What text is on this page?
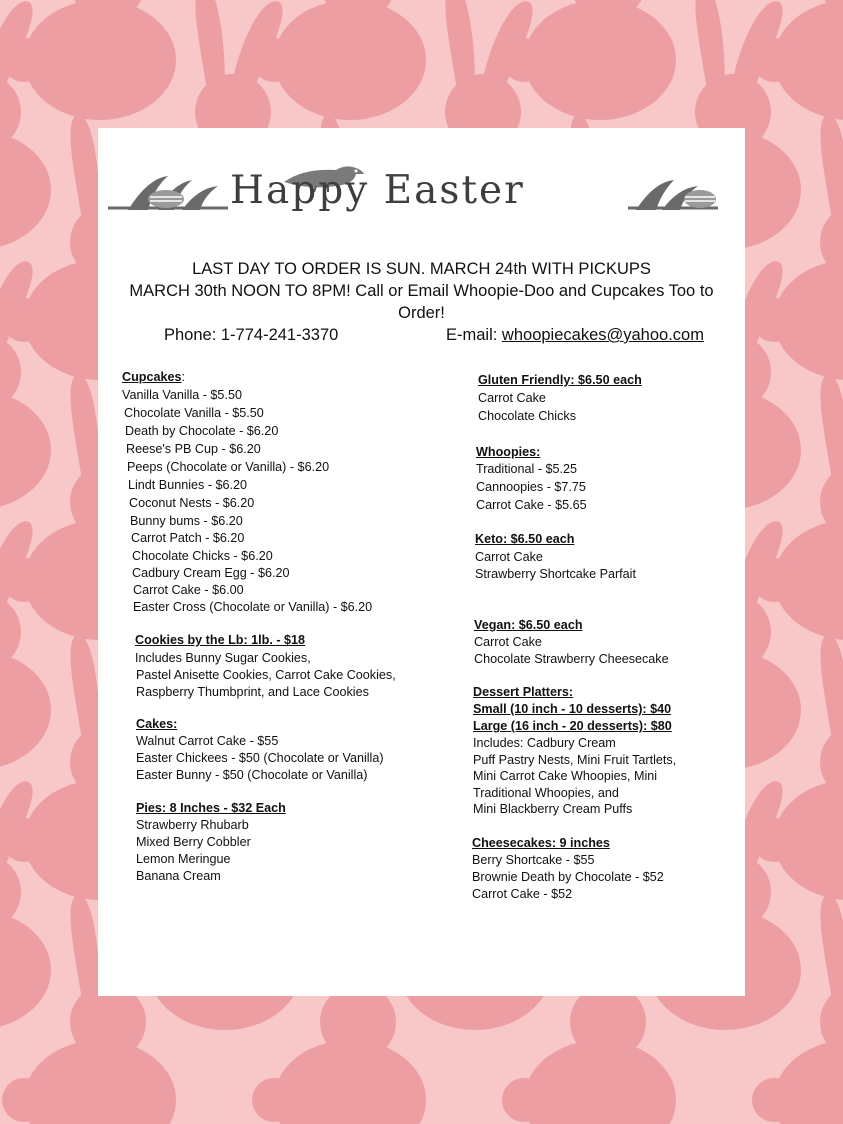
Happy Easter
LAST DAY TO ORDER IS SUN. MARCH 24th WITH PICKUPS
MARCH 30th NOON TO 8PM! Call or Email Whoopie-Doo and Cupcakes Too to
Order!
Phone: 1-774-241-3370	E-mail: whoopiecakes@yahoo.com
Cupcakes:
Vanilla Vanilla - $5.50
Chocolate Vanilla - $5.50
Death by Chocolate - $6.20
Reese's PB Cup - $6.20
Peeps (Chocolate or Vanilla) - $6.20
Lindt Bunnies - $6.20
Coconut Nests - $6.20
Bunny bums - $6.20
Carrot Patch - $6.20
Chocolate Chicks - $6.20
Cadbury Cream Egg - $6.20
Carrot Cake - $6.00
Easter Cross (Chocolate or Vanilla) - $6.20
Cookies by the Lb: 1lb. - $18
Includes Bunny Sugar Cookies,
Pastel Anisette Cookies, Carrot Cake Cookies,
Raspberry Thumbprint, and Lace Cookies
Cakes:
Walnut Carrot Cake - $55
Easter Chickees - $50 (Chocolate or Vanilla)
Easter Bunny - $50 (Chocolate or Vanilla)
Pies: 8 Inches - $32 Each
Strawberry Rhubarb
Mixed Berry Cobbler
Lemon Meringue
Banana Cream
Gluten Friendly: $6.50 each
Carrot Cake
Chocolate Chicks
Whoopies:
Traditional - $5.25
Cannoopies - $7.75
Carrot Cake - $5.65
Keto: $6.50 each
Carrot Cake
Strawberry Shortcake Parfait
Vegan: $6.50 each
Carrot Cake
Chocolate Strawberry Cheesecake
Dessert Platters:
Small (10 inch - 10 desserts): $40
Large (16 inch - 20 desserts): $80
Includes: Cadbury Cream
Puff Pastry Nests, Mini Fruit Tartlets,
Mini Carrot Cake Whoopies, Mini
Traditional Whoopies, and
Mini Blackberry Cream Puffs
Cheesecakes: 9 inches
Berry Shortcake - $55
Brownie Death by Chocolate - $52
Carrot Cake - $52
